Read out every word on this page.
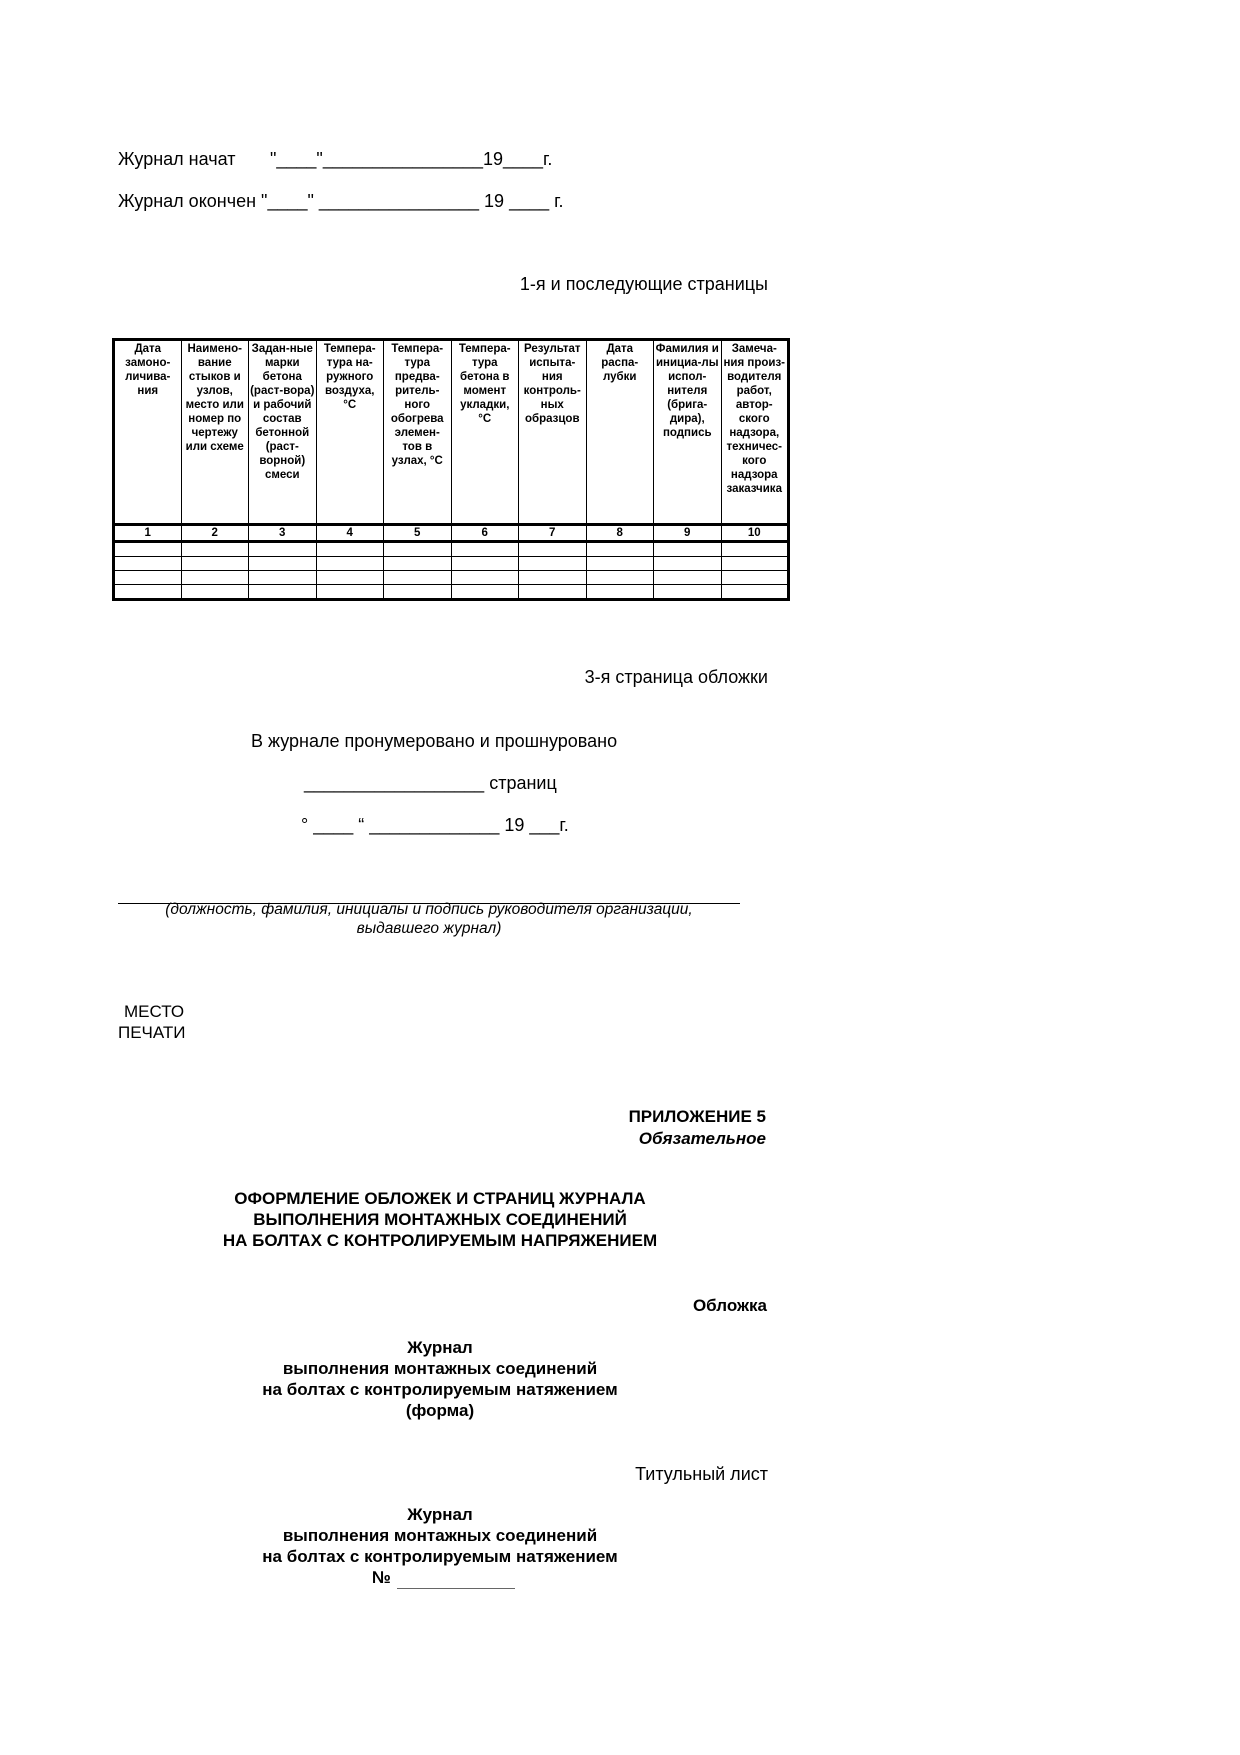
Журнал начат "____"________________19____г.
Журнал окончен "____" ________________ 19 ____ г.
1-я и последующие страницы
Дата замоно-личива-ния	Наимено-вание стыков и узлов, место или номер по чертежу или схеме	Задан-ные марки бетона (раст-вора) и рабочий состав бетонной (раст-ворной) смеси	Темпера-тура на-ружного воздуха, °С	Темпера-тура предва-ритель-ного обогрева элемен-тов в узлах, °С	Темпера-тура бетона в момент укладки, °С	Результат испыта-ния контроль-ных образцов	Дата распа-лубки	Фамилия и инициа-лы испол-нителя (брига-дира), подпись	Замеча-ния произ-водителя работ, автор-ского надзора, техничес-кого надзора заказчика
1	2	3	4	5	6	7	8	9	10

3-я страница обложки
В журнале пронумеровано и прошнуровано
__________________ страниц
° ____ “ _____________ 19 ___г.
(должность, фамилия, инициалы и подпись руководителя организации,
выдавшего журнал)
МЕСТО
ПЕЧАТИ
ПРИЛОЖЕНИЕ 5
Обязательное
ОФОРМЛЕНИЕ ОБЛОЖЕК И СТРАНИЦ ЖУРНАЛА
ВЫПОЛНЕНИЯ МОНТАЖНЫХ СОЕДИНЕНИЙ
НА БОЛТАХ С КОНТРОЛИРУЕМЫМ НАПРЯЖЕНИЕМ
Обложка
Журнал
выполнения монтажных соединений
на болтах с контролируемым натяжением
(форма)
Титульный лист
Журнал
выполнения монтажных соединений
на болтах с контролируемым натяжением
№
